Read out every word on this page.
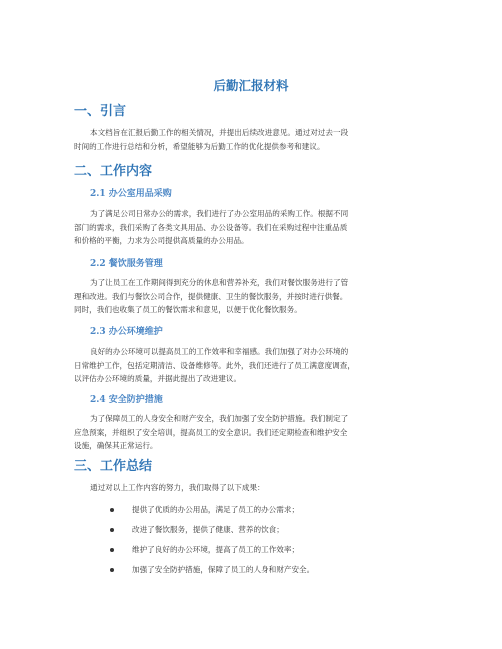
后勤汇报材料
一、引言
本文档旨在汇报后勤工作的相关情况，并提出后续改进意见。通过对过去一段
时间的工作进行总结和分析，希望能够为后勤工作的优化提供参考和建议。
二、工作内容
2.1 办公室用品采购
为了满足公司日常办公的需求，我们进行了办公室用品的采购工作。根据不同
部门的需求，我们采购了各类文具用品、办公设备等。我们在采购过程中注重品质
和价格的平衡，力求为公司提供高质量的办公用品。
2.2 餐饮服务管理
为了让员工在工作期间得到充分的休息和营养补充，我们对餐饮服务进行了管
理和改进。我们与餐饮公司合作，提供健康、卫生的餐饮服务，并按时进行供餐。
同时，我们也收集了员工的餐饮需求和意见，以便于优化餐饮服务。
2.3 办公环境维护
良好的办公环境可以提高员工的工作效率和幸福感。我们加强了对办公环境的
日常维护工作，包括定期清洁、设备维修等。此外，我们还进行了员工满意度调查，
以评估办公环境的质量，并据此提出了改进建议。
2.4 安全防护措施
为了保障员工的人身安全和财产安全，我们加强了安全防护措施。我们制定了
应急预案，并组织了安全培训，提高员工的安全意识。我们还定期检查和维护安全
设施，确保其正常运行。
三、工作总结
通过对以上工作内容的努力，我们取得了以下成果：
提供了优质的办公用品，满足了员工的办公需求；
改进了餐饮服务，提供了健康、营养的饮食；
维护了良好的办公环境，提高了员工的工作效率；
加强了安全防护措施，保障了员工的人身和财产安全。
